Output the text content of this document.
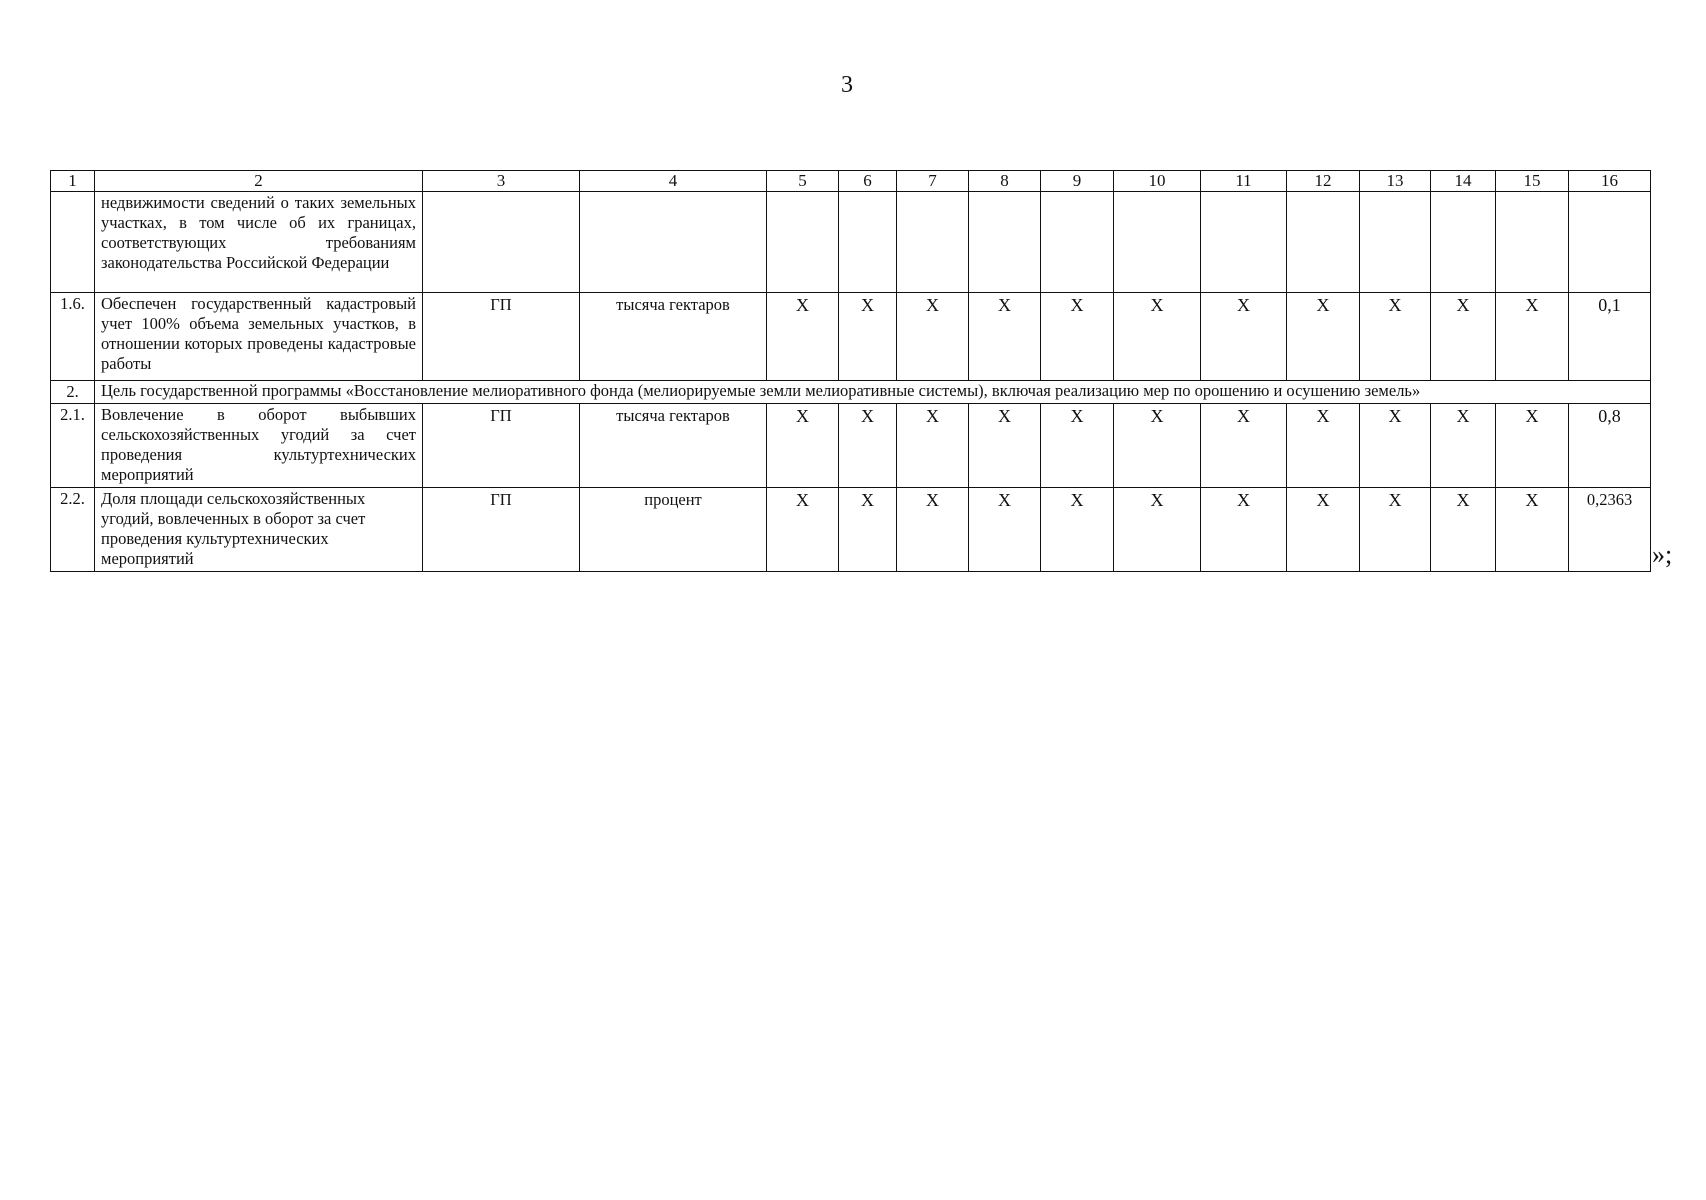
3
1	2	3	4	5	6	7	8	9	10	11	12	13	14	15	16
	недвижимости сведений о таких земельных участках, в том числе об их границах, соответствующих требованиям законодательства Российской Федерации														
1.6.	Обеспечен государственный кадастровый учет 100% объема земельных участков, в отношении которых проведены кадастровые работы	ГП	тысяча гектаров	X	X	X	X	X	X	X	X	X	X	X	0,1
2.	Цель государственной программы «Восстановление мелиоративного фонда (мелиорируемые земли мелиоративные системы), включая реализацию мер по орошению и осушению земель»														
2.1.	Вовлечение в оборот выбывших сельскохозяйственных угодий за счет проведения культуртехнических мероприятий	ГП	тысяча гектаров	X	X	X	X	X	X	X	X	X	X	X	0,8
2.2.	Доля площади сельскохозяйственных угодий, вовлеченных в оборот за счет проведения культуртехнических мероприятий	ГП	процент	X	X	X	X	X	X	X	X	X	X	X	0,2363
»;
